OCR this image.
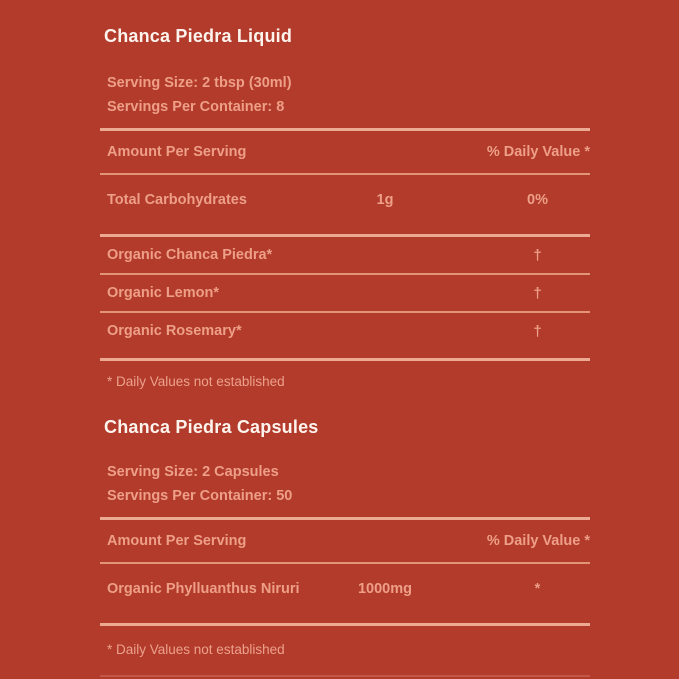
Chanca Piedra Liquid
Serving Size: 2 tbsp (30ml)
Servings Per Container: 8
Amount Per Serving	% Daily Value *
Total Carbohydrates	1g	0%
Organic Chanca Piedra*	†
Organic Lemon*	†
Organic Rosemary*	†
* Daily Values not established
Chanca Piedra Capsules
Serving Size: 2 Capsules
Servings Per Container: 50
Amount Per Serving	% Daily Value *
Organic Phylluanthus Niruri	1000mg	*
* Daily Values not established
